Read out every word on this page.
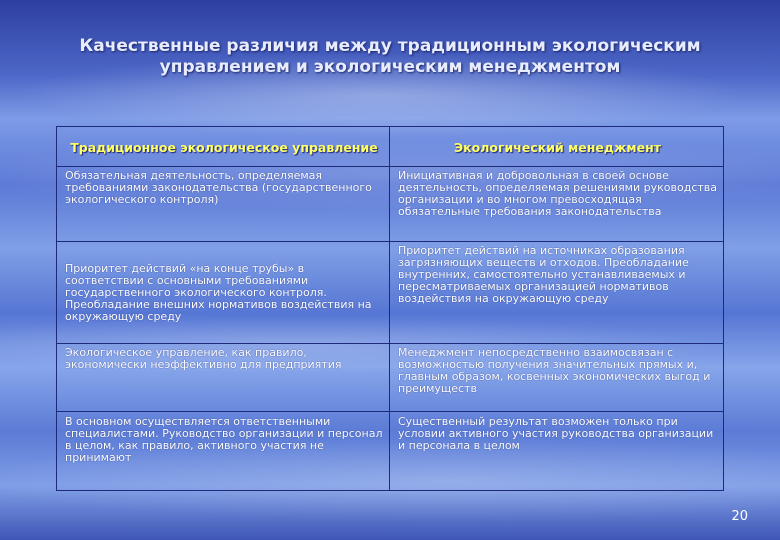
Качественные различия между традиционным экологическим
управлением и экологическим менеджментом
Традиционное экологическое управление	Экологический менеджмент
Обязательная деятельность, определяемая требованиями законодательства (государственного экологического контроля)	Инициативная и добровольная в своей основе деятельность, определяемая решениями руководства организации и во многом превосходящая обязательные требования законодательства
Приоритет действий «на конце трубы» в соответствии с основными требованиями государственного экологического контроля. Преобладание внешних нормативов воздействия на окружающую среду	Приоритет действий на источниках образования загрязняющих веществ и отходов. Преобладание внутренних, самостоятельно устанавливаемых и пересматриваемых организацией нормативов воздействия на окружающую среду
Экологическое управление, как правило, экономически неэффективно для предприятия	Менеджмент непосредственно взаимосвязан с возможностью получения значительных прямых и, главным образом, косвенных экономических выгод и преимуществ
В основном осуществляется ответственными специалистами. Руководство организации и персонал в целом, как правило, активного участия не принимают	Существенный результат возможен только при условии активного участия руководства организации и персонала в целом
20
